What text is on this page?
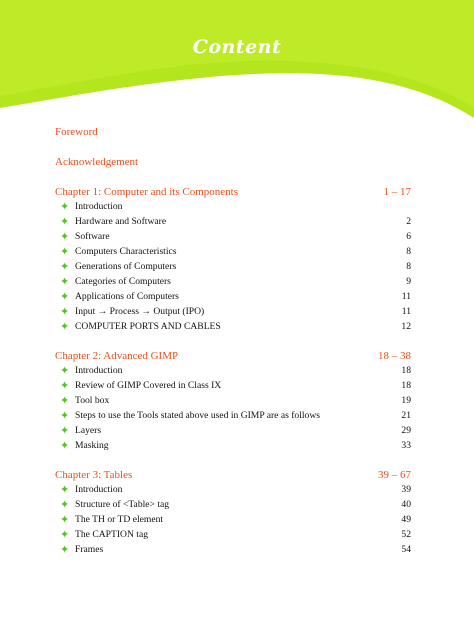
Content
Foreword
Acknowledgement
Chapter 1: Computer and its Components	1 – 17
✦ Introduction
✦ Hardware and Software	2
✦ Software	6
✦ Computers Characteristics	8
✦ Generations of Computers	8
✦ Categories of Computers	9
✦ Applications of Computers	11
✦ Input → Process → Output (IPO)	11
✦ COMPUTER PORTS AND CABLES	12
Chapter 2: Advanced GIMP	18 – 38
✦ Introduction	18
✦ Review of GIMP Covered in Class IX	18
✦ Tool box	19
✦ Steps to use the Tools stated above used in GIMP are as follows	21
✦ Layers	29
✦ Masking	33
Chapter 3: Tables	39 – 67
✦ Introduction	39
✦ Structure of <Table> tag	40
✦ The TH or TD element	49
✦ The CAPTION tag	52
✦ Frames	54
